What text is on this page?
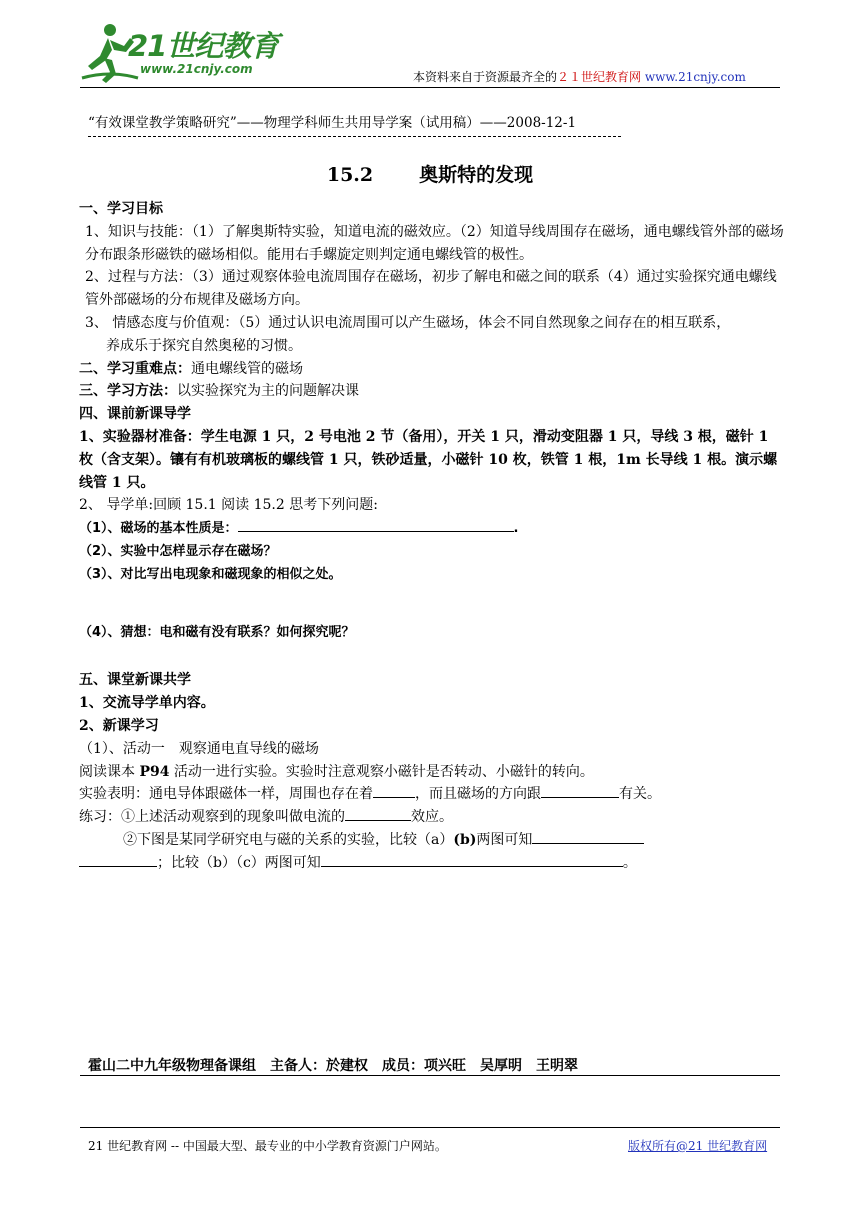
21世纪教育
www.21cnjy.com
本资料来自于资源最齐全的２１世纪教育网 www.21cnjy.com
“有效课堂教学策略研究”——物理学科师生共用导学案（试用稿）——2008-12-1
15.2 奥斯特的发现

一、学习目标

1、知识与技能：（1）了解奥斯特实验，知道电流的磁效应。（2）知道导线周围存在磁场，通电螺线管外部的磁场分布跟条形磁铁的磁场相似。能用右手螺旋定则判定通电螺线管的极性。

2、过程与方法：（3）通过观察体验电流周围存在磁场，初步了解电和磁之间的联系（4）通过实验探究通电螺线管外部磁场的分布规律及磁场方向。

3、 情感态度与价值观：（5）通过认识电流周围可以产生磁场，体会不同自然现象之间存在的相互联系，

养成乐于探究自然奥秘的习惯。

二、学习重难点：通电螺线管的磁场

三、学习方法：以实验探究为主的问题解决课

四、课前新课导学

1、实验器材准备：学生电源 1 只，2 号电池 2 节（备用），开关 1 只，滑动变阻器 1 只，导线 3 根，磁针 1 枚（含支架）。镶有有机玻璃板的螺线管 1 只，铁砂适量，小磁针 10 枚，铁管 1 根，1m 长导线 1 根。演示螺线管 1 只。

2、 导学单:回顾 15.1 阅读 15.2 思考下列问题:

（1）、磁场的基本性质是：	.

（2）、实验中怎样显示存在磁场？

（3）、对比写出电现象和磁现象的相似之处。

（4）、猜想：电和磁有没有联系？如何探究呢？

五、课堂新课共学

1、交流导学单内容。

2、新课学习

（1）、活动一　观察通电直导线的磁场

阅读课本 P94 活动一进行实验。实验时注意观察小磁针是否转动、小磁针的转向。

实验表明：通电导体跟磁体一样，周围也存在着	，而且磁场的方向跟	有关。

练习：①上述活动观察到的现象叫做电流的	效应。

②下图是某同学研究电与磁的关系的实验，比较（a）(b)两图可知

；比较（b）（c）两图可知	。

霍山二中九年级物理备课组　主备人：於建权　成员：项兴旺　吴厚明　王明翠
21 世纪教育网 -- 中国最大型、最专业的中小学教育资源门户网站。	版权所有@21 世纪教育网
